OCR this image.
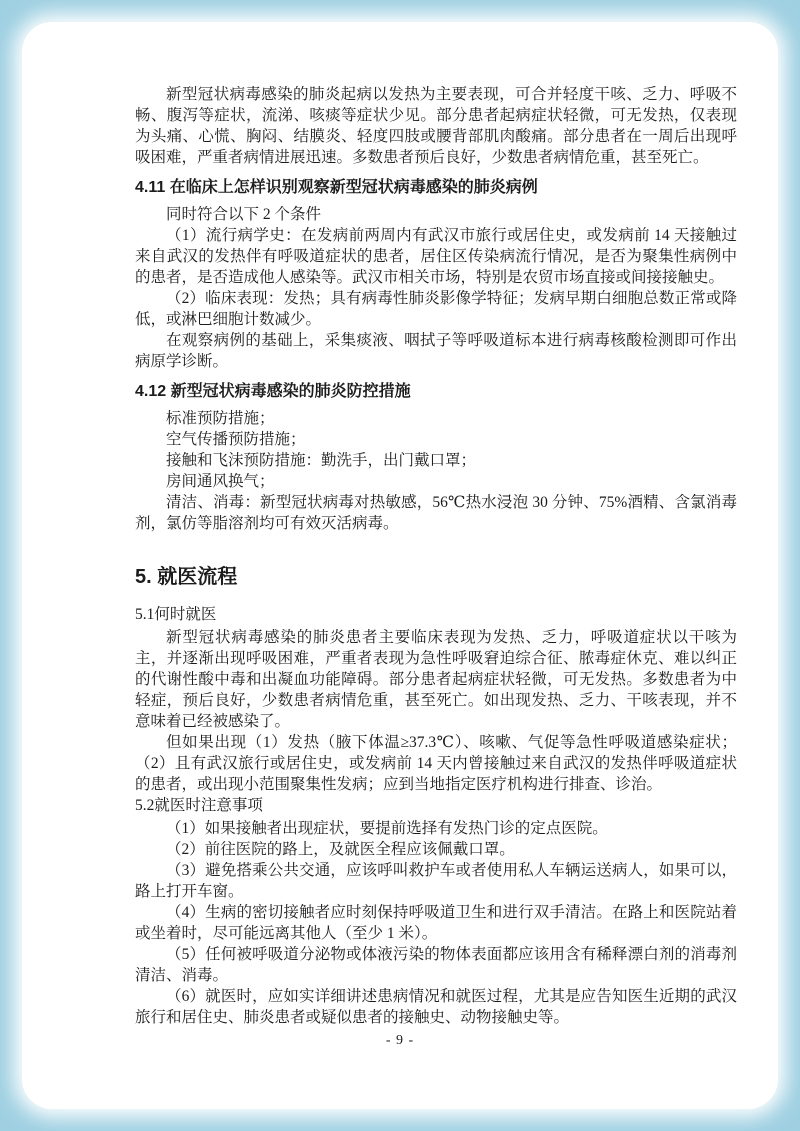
新型冠状病毒感染的肺炎起病以发热为主要表现，可合并轻度干咳、乏力、呼吸不畅、腹泻等症状，流涕、咳痰等症状少见。部分患者起病症状轻微，可无发热，仅表现为头痛、心慌、胸闷、结膜炎、轻度四肢或腰背部肌肉酸痛。部分患者在一周后出现呼吸困难，严重者病情进展迅速。多数患者预后良好，少数患者病情危重，甚至死亡。

4.11 在临床上怎样识别观察新型冠状病毒感染的肺炎病例

同时符合以下 2 个条件

（1）流行病学史：在发病前两周内有武汉市旅行或居住史，或发病前 14 天接触过来自武汉的发热伴有呼吸道症状的患者，居住区传染病流行情况，是否为聚集性病例中的患者，是否造成他人感染等。武汉市相关市场，特别是农贸市场直接或间接接触史。

（2）临床表现：发热；具有病毒性肺炎影像学特征；发病早期白细胞总数正常或降低，或淋巴细胞计数减少。

在观察病例的基础上，采集痰液、咽拭子等呼吸道标本进行病毒核酸检测即可作出病原学诊断。

4.12 新型冠状病毒感染的肺炎防控措施

标准预防措施；

空气传播预防措施；

接触和飞沫预防措施：勤洗手，出门戴口罩；

房间通风换气；

清洁、消毒：新型冠状病毒对热敏感，56℃热水浸泡 30 分钟、75%酒精、含氯消毒剂，氯仿等脂溶剂均可有效灭活病毒。

5. 就医流程

5.1何时就医

新型冠状病毒感染的肺炎患者主要临床表现为发热、乏力，呼吸道症状以干咳为主，并逐渐出现呼吸困难，严重者表现为急性呼吸窘迫综合征、脓毒症休克、难以纠正的代谢性酸中毒和出凝血功能障碍。部分患者起病症状轻微，可无发热。多数患者为中轻症，预后良好，少数患者病情危重，甚至死亡。如出现发热、乏力、干咳表现，并不意味着已经被感染了。

但如果出现（1）发热（腋下体温≥37.3℃）、咳嗽、气促等急性呼吸道感染症状；（2）且有武汉旅行或居住史，或发病前 14 天内曾接触过来自武汉的发热伴呼吸道症状的患者，或出现小范围聚集性发病；应到当地指定医疗机构进行排查、诊治。

5.2就医时注意事项

（1）如果接触者出现症状，要提前选择有发热门诊的定点医院。

（2）前往医院的路上，及就医全程应该佩戴口罩。

（3）避免搭乘公共交通，应该呼叫救护车或者使用私人车辆运送病人，如果可以，路上打开车窗。

（4）生病的密切接触者应时刻保持呼吸道卫生和进行双手清洁。在路上和医院站着或坐着时，尽可能远离其他人（至少 1 米）。

（5）任何被呼吸道分泌物或体液污染的物体表面都应该用含有稀释漂白剂的消毒剂清洁、消毒。

（6）就医时，应如实详细讲述患病情况和就医过程，尤其是应告知医生近期的武汉旅行和居住史、肺炎患者或疑似患者的接触史、动物接触史等。

- 9 -
